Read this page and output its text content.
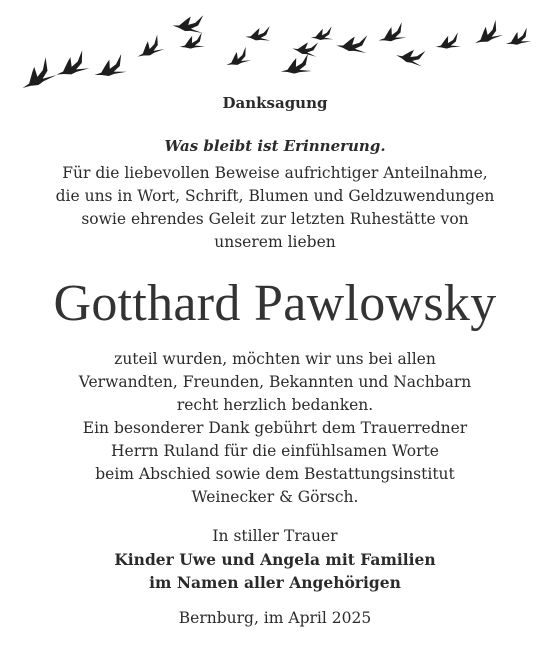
Danksagung
Was bleibt ist Erinnerung.
Für die liebevollen Beweise aufrichtiger Anteilnahme,
die uns in Wort, Schrift, Blumen und Geldzuwendungen
sowie ehrendes Geleit zur letzten Ruhestätte von
unserem lieben
Gotthard Pawlowsky
zuteil wurden, möchten wir uns bei allen
Verwandten, Freunden, Bekannten und Nachbarn
recht herzlich bedanken.
Ein besonderer Dank gebührt dem Trauerredner
Herrn Ruland für die einfühlsamen Worte
beim Abschied sowie dem Bestattungsinstitut
Weinecker & Görsch.
In stiller Trauer
Kinder Uwe und Angela mit Familien
im Namen aller Angehörigen
Bernburg, im April 2025
